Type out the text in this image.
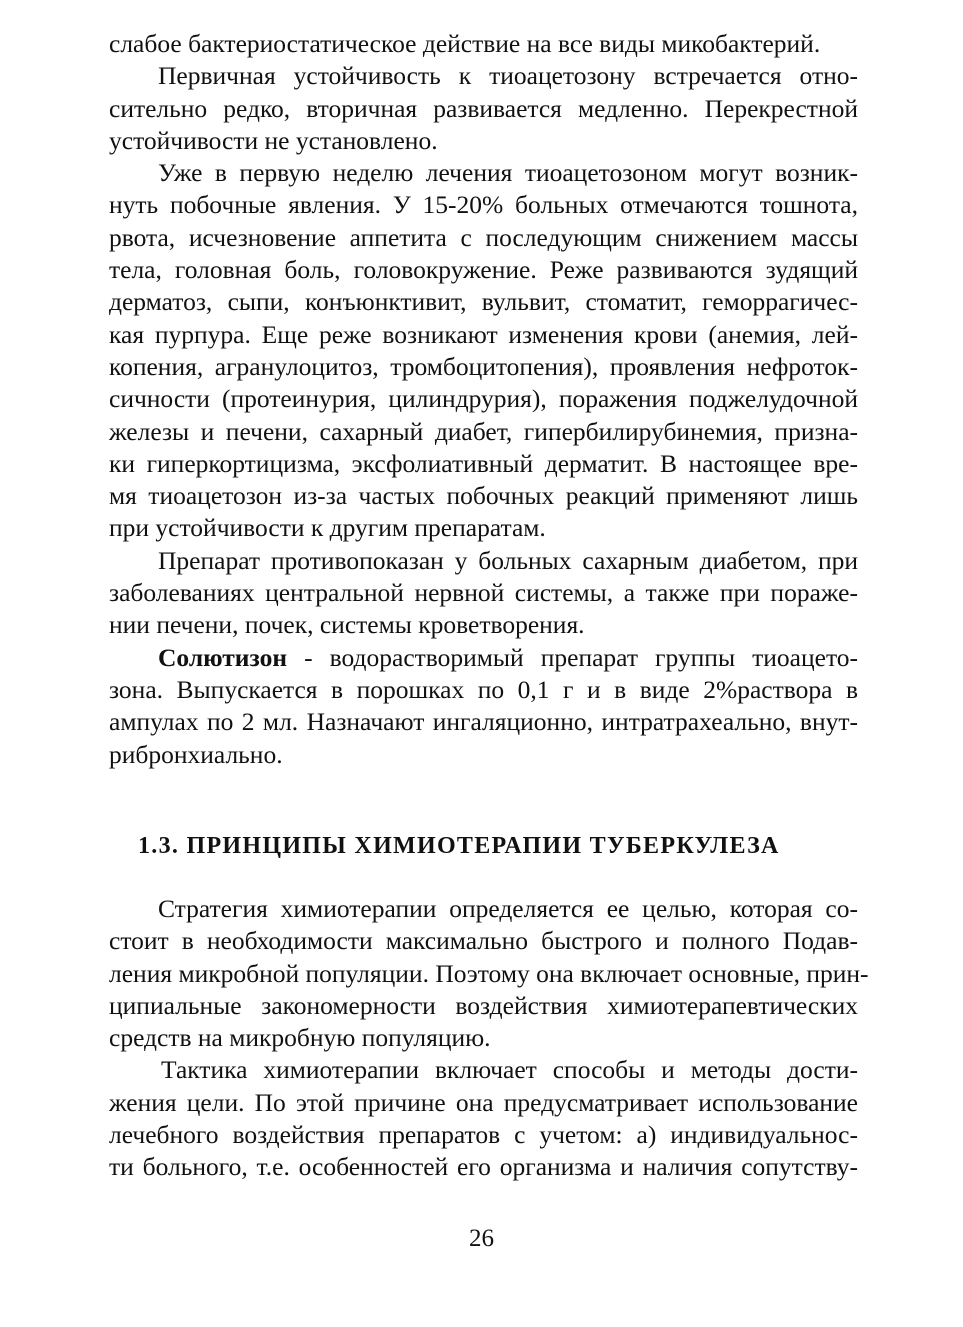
слабое бактериостатическое действие на все виды микобактерий.

Первичная устойчивость к тиоацетозону встречается отно-
сительно редко, вторичная развивается медленно. Перекрестной
устойчивости не установлено.

Уже в первую неделю лечения тиоацетозоном могут возник-
нуть побочные явления. У 15-20% больных отмечаются тошнота,
рвота, исчезновение аппетита с последующим снижением массы
тела, головная боль, головокружение. Реже развиваются зудящий
дерматоз, сыпи, конъюнктивит, вульвит, стоматит, геморрагичес-
кая пурпура. Еще реже возникают изменения крови (анемия, лей-
копения, агранулоцитоз, тромбоцитопения), проявления нефроток-
сичности (протеинурия, цилиндрурия), поражения поджелудочной
железы и печени, сахарный диабет, гипербилирубинемия, призна-
ки гиперкортицизма, эксфолиативный дерматит. В настоящее вре-
мя тиоацетозон из-за частых побочных реакций применяют лишь
при устойчивости к другим препаратам.

Препарат противопоказан у больных сахарным диабетом, при
заболеваниях центральной нервной системы, а также при пораже-
нии печени, почек, системы кроветворения.

Солютизон - водорастворимый препарат группы тиоацето-
зона. Выпускается в порошках по 0,1 г и в виде 2%раствора в
ампулах по 2 мл. Назначают ингаляционно, интратрахеально, внут-
рибронхиально.

1.3. ПРИНЦИПЫ ХИМИОТЕРАПИИ ТУБЕРКУЛЕЗА

Стратегия химиотерапии определяется ее целью, которая со-
стоит в необходимости максимально быстрого и полного Подав-
ления микробной популяции. Поэтому она включает основные, прин-
ципиальные закономерности воздействия химиотерапевтических
средств на микробную популяцию.

Тактика химиотерапии включает способы и методы дости-
жения цели. По этой причине она предусматривает использование
лечебного воздействия препаратов с учетом: а) индивидуальнос-
ти больного, т.е. особенностей его организма и наличия сопутству-

26
